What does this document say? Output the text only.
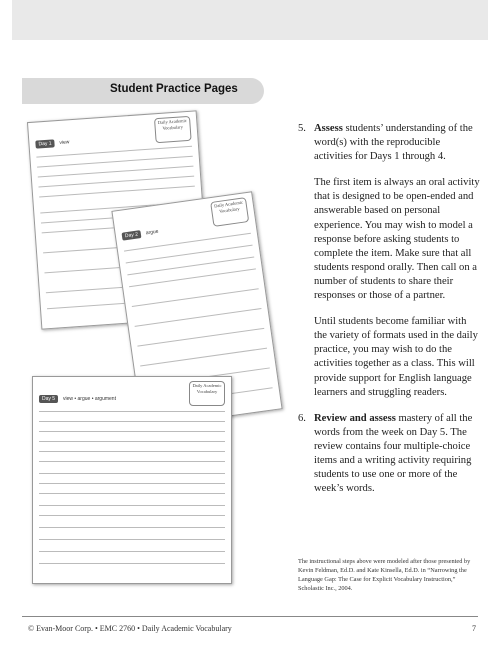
Student Practice Pages
Day 1	view
Daily Academic Vocabulary
Day 2	argue
Daily Academic Vocabulary
Day 5	view • argue • argument
Daily Academic Vocabulary

5. Assess students’ understanding of the word(s) with the reproducible activities for Days 1 through 4.

The first item is always an oral activity that is designed to be open-ended and answerable based on personal experience. You may wish to model a response before asking students to complete the item. Make sure that all students respond orally. Then call on a number of students to share their responses or those of a partner.

Until students become familiar with the variety of formats used in the daily practice, you may wish to do the activities together as a class. This will provide support for English language learners and struggling readers.

6. Review and assess mastery of all the words from the week on Day 5. The review contains four multiple-choice items and a writing activity requiring students to use one or more of the week’s words.

The instructional steps above were modeled after those presented by Kevin Feldman, Ed.D. and Kate Kinsella, Ed.D. in “Narrowing the Language Gap: The Case for Explicit Vocabulary Instruction,” Scholastic Inc., 2004.
© Evan-Moor Corp. • EMC 2760 • Daily Academic Vocabulary	7
